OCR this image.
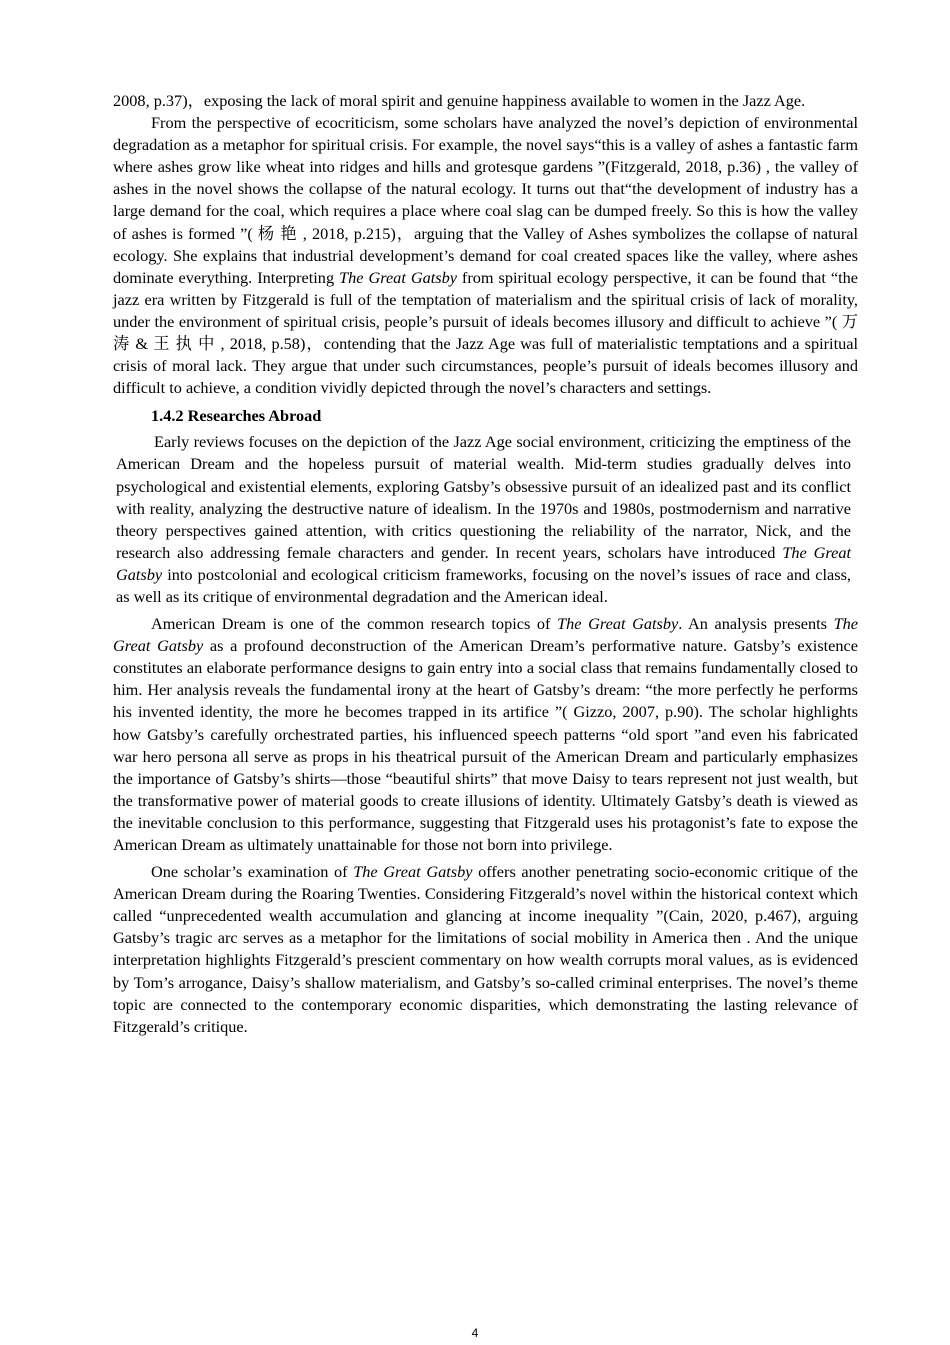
2008, p.37)，exposing the lack of moral spirit and genuine happiness available to women in the Jazz Age.

From the perspective of ecocriticism, some scholars have analyzed the novel’s depiction of environmental degradation as a metaphor for spiritual crisis. For example, the novel says“this is a valley of ashes a fantastic farm where ashes grow like wheat into ridges and hills and grotesque gardens ”(Fitzgerald, 2018, p.36) , the valley of ashes in the novel shows the collapse of the natural ecology. It turns out that“the development of industry has a large demand for the coal, which requires a place where coal slag can be dumped freely. So this is how the valley of ashes is formed ”( 杨 艳 , 2018, p.215)，arguing that the Valley of Ashes symbolizes the collapse of natural ecology. She explains that industrial development’s demand for coal created spaces like the valley, where ashes dominate everything. Interpreting The Great Gatsby from spiritual ecology perspective, it can be found that “the jazz era written by Fitzgerald is full of the temptation of materialism and the spiritual crisis of lack of morality, under the environment of spiritual crisis, people’s pursuit of ideals becomes illusory and difficult to achieve ”( 万 涛 & 王 执 中 , 2018, p.58)，contending that the Jazz Age was full of materialistic temptations and a spiritual crisis of moral lack. They argue that under such circumstances, people’s pursuit of ideals becomes illusory and difficult to achieve, a condition vividly depicted through the novel’s characters and settings.

1.4.2 Researches Abroad

Early reviews focuses on the depiction of the Jazz Age social environment, criticizing the emptiness of the American Dream and the hopeless pursuit of material wealth. Mid-term studies gradually delves into psychological and existential elements, exploring Gatsby’s obsessive pursuit of an idealized past and its conflict with reality, analyzing the destructive nature of idealism. In the 1970s and 1980s, postmodernism and narrative theory perspectives gained attention, with critics questioning the reliability of the narrator, Nick, and the research also addressing female characters and gender. In recent years, scholars have introduced The Great Gatsby into postcolonial and ecological criticism frameworks, focusing on the novel’s issues of race and class, as well as its critique of environmental degradation and the American ideal.

American Dream is one of the common research topics of The Great Gatsby. An analysis presents The Great Gatsby as a profound deconstruction of the American Dream’s performative nature. Gatsby’s existence constitutes an elaborate performance designs to gain entry into a social class that remains fundamentally closed to him. Her analysis reveals the fundamental irony at the heart of Gatsby’s dream: “the more perfectly he performs his invented identity, the more he becomes trapped in its artifice ”( Gizzo, 2007, p.90). The scholar highlights how Gatsby’s carefully orchestrated parties, his influenced speech patterns “old sport ”and even his fabricated war hero persona all serve as props in his theatrical pursuit of the American Dream and particularly emphasizes the importance of Gatsby’s shirts—those “beautiful shirts” that move Daisy to tears represent not just wealth, but the transformative power of material goods to create illusions of identity. Ultimately Gatsby’s death is viewed as the inevitable conclusion to this performance, suggesting that Fitzgerald uses his protagonist’s fate to expose the American Dream as ultimately unattainable for those not born into privilege.

One scholar’s examination of The Great Gatsby offers another penetrating socio-economic critique of the American Dream during the Roaring Twenties. Considering Fitzgerald’s novel within the historical context which called “unprecedented wealth accumulation and glancing at income inequality ”(Cain, 2020, p.467), arguing Gatsby’s tragic arc serves as a metaphor for the limitations of social mobility in America then . And the unique interpretation highlights Fitzgerald’s prescient commentary on how wealth corrupts moral values, as is evidenced by Tom’s arrogance, Daisy’s shallow materialism, and Gatsby’s so-called criminal enterprises. The novel’s theme topic are connected to the contemporary economic disparities, which demonstrating the lasting relevance of Fitzgerald’s critique.

4
